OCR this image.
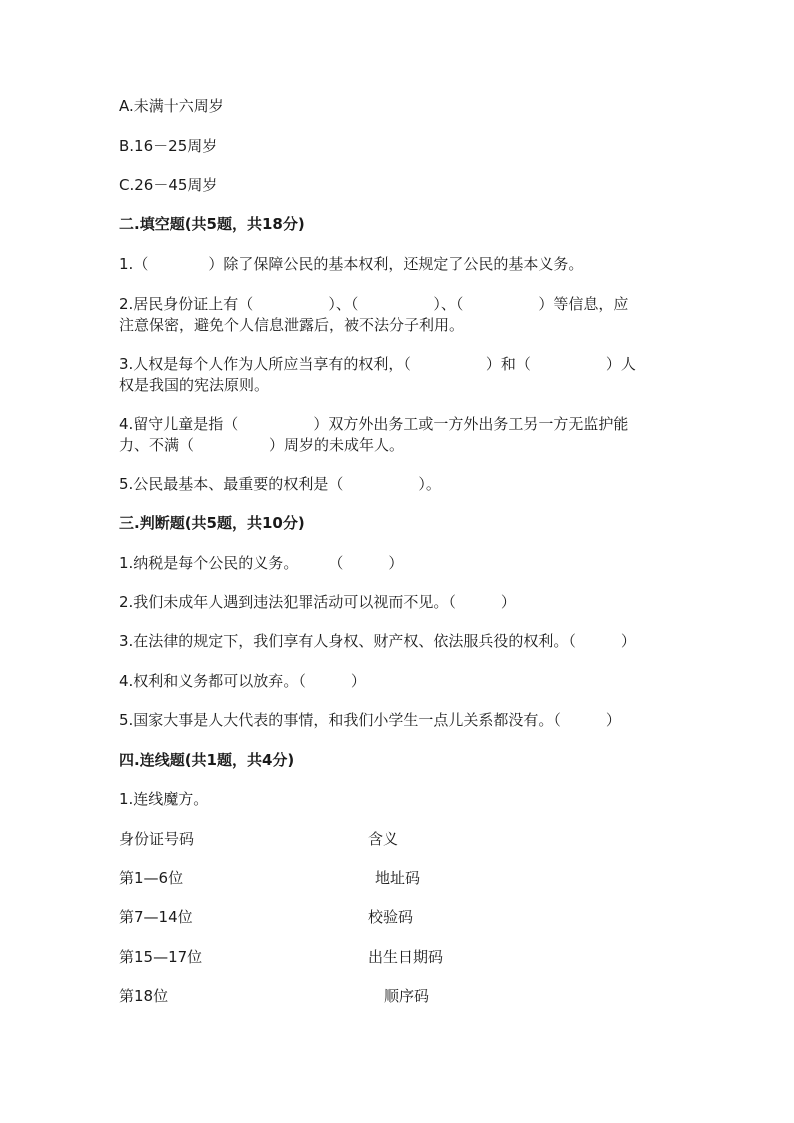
A.未满十六周岁
B.16－25周岁
C.26－45周岁
二.填空题(共5题，共18分)
1.（	）除了保障公民的基本权利，还规定了公民的基本义务。
2.居民身份证上有（　　　　　）、（　　　　　）、（　　　　　）等信息，应
注意保密，避免个人信息泄露后，被不法分子利用。
3.人权是每个人作为人所应当享有的权利，（　　　　　）和（　　　　　）人
权是我国的宪法原则。
4.留守儿童是指（　　　　　）双方外出务工或一方外出务工另一方无监护能
力、不满（　　　　　）周岁的未成年人。
5.公民最基本、最重要的权利是（　　　　　）。
三.判断题(共5题，共10分)
1.纳税是每个公民的义务。　　　（　　　）
2.我们未成年人遇到违法犯罪活动可以视而不见。（　　　）
3.在法律的规定下，我们享有人身权、财产权、依法服兵役的权利。（　　　）
4.权利和义务都可以放弃。（　　　）
5.国家大事是人大代表的事情，和我们小学生一点儿关系都没有。（　　　）
四.连线题(共1题，共4分)
1.连线魔方。
身份证号码	含义
第1—6位	地址码
第7—14位	校验码
第15—17位	出生日期码
第18位	顺序码
